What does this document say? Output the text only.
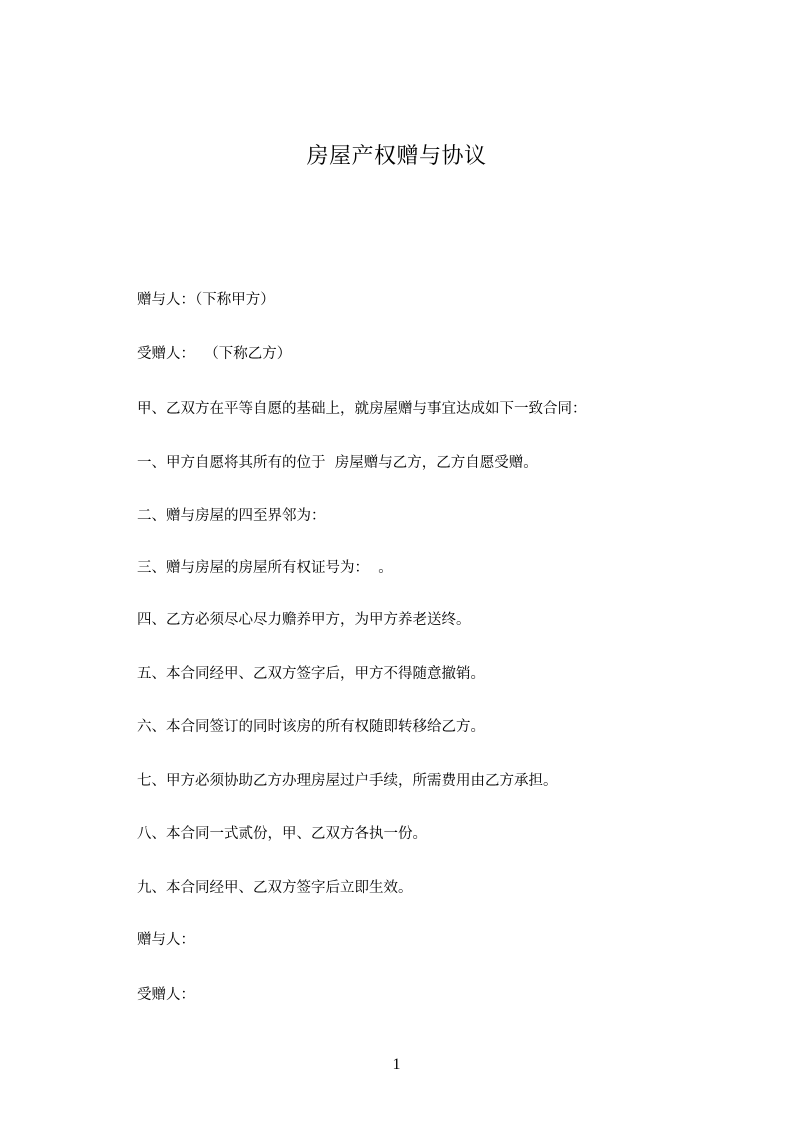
房屋产权赠与协议
赠与人：（下称甲方）
受赠人：  （下称乙方）
甲、乙双方在平等自愿的基础上，就房屋赠与事宜达成如下一致合同：
一、甲方自愿将其所有的位于  房屋赠与乙方，乙方自愿受赠。
二、赠与房屋的四至界邻为：
三、赠与房屋的房屋所有权证号为：  。
四、乙方必须尽心尽力赡养甲方，为甲方养老送终。
五、本合同经甲、乙双方签字后，甲方不得随意撤销。
六、本合同签订的同时该房的所有权随即转移给乙方。
七、甲方必须协助乙方办理房屋过户手续，所需费用由乙方承担。
八、本合同一式贰份，甲、乙双方各执一份。
九、本合同经甲、乙双方签字后立即生效。
赠与人：
受赠人：
1
